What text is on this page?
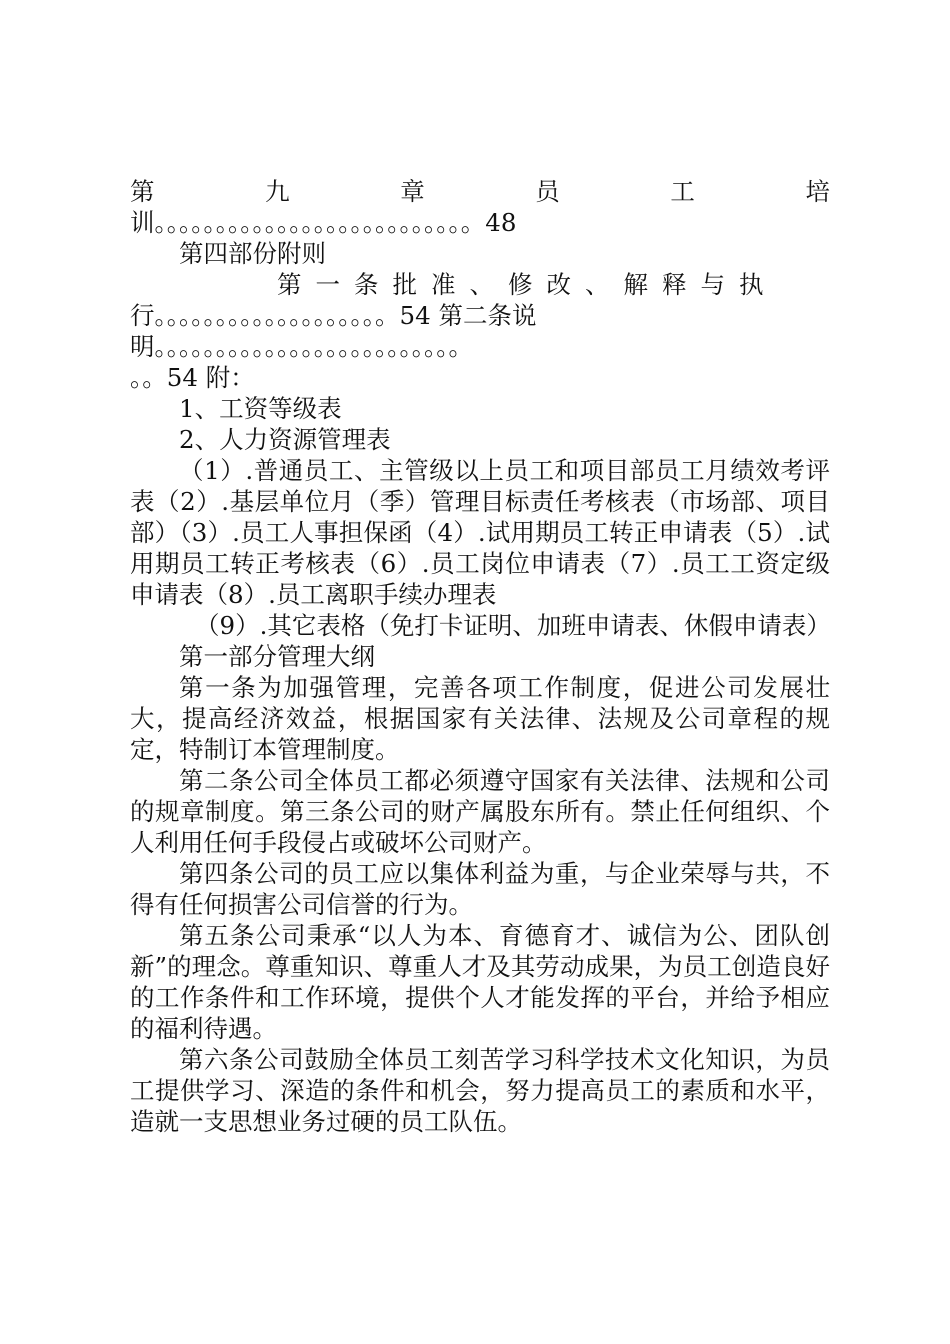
第	九	章	员	工	培

训。。。。。。。。。。。。。。。。。。。。。。。。。。48

第四部份附则

第一条批准、修改、解释与执

行。。。。。。。。。。。。。。。。。。。54 第二条说

明。。。。。。。。。。。。。。。。。。。。。。。。。

。。54 附：

1、工资等级表

2、人力资源管理表

（1）.普通员工、主管级以上员工和项目部员工月绩效考评表（2）.基层单位月（季）管理目标责任考核表（市场部、项目部）（3）.员工人事担保函（4）.试用期员工转正申请表（5）.试用期员工转正考核表（6）.员工岗位申请表（7）.员工工资定级申请表（8）.员工离职手续办理表

（9）.其它表格（免打卡证明、加班申请表、休假申请表）

第一部分管理大纲

第一条为加强管理，完善各项工作制度，促进公司发展壮大，提高经济效益，根据国家有关法律、法规及公司章程的规定，特制订本管理制度。

第二条公司全体员工都必须遵守国家有关法律、法规和公司的规章制度。第三条公司的财产属股东所有。禁止任何组织、个人利用任何手段侵占或破坏公司财产。

第四条公司的员工应以集体利益为重，与企业荣辱与共，不得有任何损害公司信誉的行为。

第五条公司秉承“以人为本、育德育才、诚信为公、团队创新”的理念。尊重知识、尊重人才及其劳动成果，为员工创造良好的工作条件和工作环境，提供个人才能发挥的平台，并给予相应的福利待遇。

第六条公司鼓励全体员工刻苦学习科学技术文化知识，为员工提供学习、深造的条件和机会，努力提高员工的素质和水平，造就一支思想业务过硬的员工队伍。
